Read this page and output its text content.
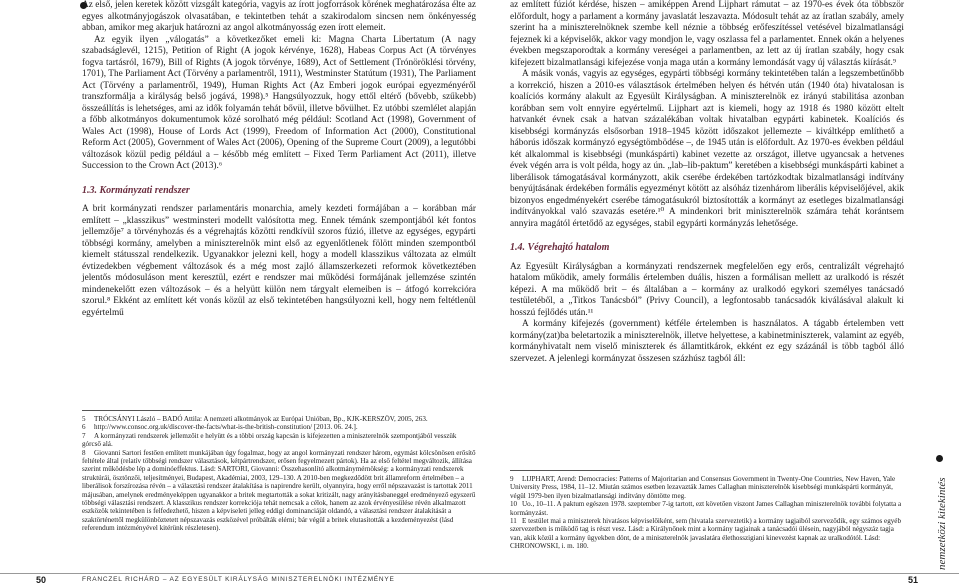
Az első, jelen keretek között vizsgált kategória, vagyis az írott jogforrások körének meghatározása élte az egyes alkotmányjogászok olvasatában, e tekintetben tehát a szakirodalom sincsen nem önkényesség abban, amikor meg akarjuk határozni az angol alkotmányosság ezen írott elemeit.

Az egyik ilyen „válogatás” a következőket emeli ki: Magna Charta Libertatum (A nagy szabadságlevél, 1215), Petition of Right (A jogok kérvénye, 1628), Habeas Corpus Act (A törvényes fogva tartásról, 1679), Bill of Rights (A jogok törvénye, 1689), Act of Settlement (Trónöröklési törvény, 1701), The Parliament Act (Törvény a parlamentről, 1911), Westminster Statútum (1931), The Parliament Act (Törvény a parlamentről, 1949), Human Rights Act (Az Emberi jogok európai egyezményéről transzformálja a királyság belső jogává, 1998).⁵ Hangsúlyozzuk, hogy ettől eltérő (bővebb, szűkebb) összeállítás is lehetséges, ami az idők folyamán tehát bővül, illetve bővülhet. Ez utóbbi szemlélet alapján a főbb alkotmányos dokumentumok közé sorolható még például: Scotland Act (1998), Government of Wales Act (1998), House of Lords Act (1999), Freedom of Information Act (2000), Constitutional Reform Act (2005), Government of Wales Act (2006), Opening of the Supreme Court (2009), a legutóbbi változások közül pedig például a – később még említett – Fixed Term Parliament Act (2011), illetve Succession to the Crown Act (2013).⁶

1.3. Kormányzati rendszer

A brit kormányzati rendszer parlamentáris monarchia, amely kezdeti formájában a – korábban már említett – „klasszikus” westminsteri modellt valósította meg. Ennek témánk szempontjából két fontos jellemzője⁷ a törvényhozás és a végrehajtás közötti rendkívül szoros fúzió, illetve az egységes, egypárti többségi kormány, amelyben a miniszterelnök mint első az egyenlőtlenek fölött minden szempontból kiemelt státusszal rendelkezik. Ugyanakkor jelezni kell, hogy a modell klasszikus változata az elmúlt évtizedekben végbement változások és a még most zajló államszerkezeti reformok következtében jelentős módosuláson ment keresztül, ezért e rendszer mai működési formájának jellemzése szintén mindenekelőtt ezen változások – és a helyütt külön nem tárgyalt elemeiben is – átfogó korrekcióra szorul.⁸ Ekként az említett két vonás közül az első tekintetében hangsúlyozni kell, hogy nem feltétlenül egyértelmű

5 TRÓCSÁNYI László – BADÓ Attila: A nemzeti alkotmányok az Európai Unióban, Bp., KJK-KERSZÖV, 2005, 263.

6 http://www.consoc.org.uk/discover-the-facts/what-is-the-british-constitution/ [2013. 06. 24.].

7 A kormányzati rendszerek jellemzőit e helyütt és a többi ország kapcsán is kifejezetten a miniszterelnök szempontjából vesszük górcső alá.

8 Giovanni Sartori festően említett munkájában úgy fogalmaz, hogy az angol kormányzati rendszer három, egymást kölcsönösen erősítő feltétele által (relatív többségi rendszer választások, kétpártrendszer, erősen fegyelmezett pártok). Ha az első feltétel megváltozik, állítása szerint működésbe lép a dominóeffektus. Lásd: SARTORI, Giovanni: Összehasonlító alkotmánymérnökség: a kormányzati rendszerek struktúrái, ösztönzői, teljesítményei, Budapest, Akadémiai, 2003, 129–130. A 2010-ben megkezdődött brit államreform értelmében – a liberálisok forszírozása révén – a választási rendszer átalakítása is napirendre került, olyannyira, hogy erről népszavazást is tartottak 2011 májusában, amelynek eredményeképpen ugyanakkor a britek megtartották a sokat kritizált, nagy arányításbaneggel eredményező egyszerű többségi választási rendszert. A klasszikus rendszer korrekciója tehát nemcsak a célok, hanem az azok érvényesülése révén alkalmazott eszközök tekintetében is felfedezhető, hiszen a képviseleti jelleg eddigi dominanciáját oldandó, a választási rendszer átalakítását a szaktörténettől megkülönböztetett népszavazás eszközével próbálták elérni; bár végül a britek elutasították a kezdeményezést (lásd referendum intézményével kitérünk részletesen).

az említett fúziót kérdése, hiszen – amiképpen Arend Lijphart rámutat – az 1970-es évek óta többször előfordult, hogy a parlament a kormány javaslatát leszavazta. Módosult tehát az az íratlan szabály, amely szerint ha a miniszterelnöknek szembe kell néznie a többség erőfeszítéssel vetésével bizalmatlansági fejeznek ki a képviselők, akkor vagy mondjon le, vagy oszlassa fel a parlamentet. Ennek okán a helyenes években megszaporodtak a kormány vereségei a parlamentben, az lett az új íratlan szabály, hogy csak kifejezett bizalmatlansági kifejezése vonja maga után a kormány lemondását vagy új választás kiírását.⁹

A másik vonás, vagyis az egységes, egypárti többségi kormány tekintetében talán a legszembetűnőbb a korrekció, hiszen a 2010-es választások értelmében helyen és hétvén után (1940 óta) hivatalosan is koalíciós kormány alakult az Egyesült Királyságban. A miniszterelnök ez irányú stabilitása azonban korábban sem volt ennyire egyértelmű. Lijphart azt is kiemeli, hogy az 1918 és 1980 között eltelt hatvankét évnek csak a hatvan százalékában voltak hivatalban egypárti kabinetek. Koalíciós és kisebbségi kormányzás elsősorban 1918–1945 között időszakot jellemezte – kiváltképp említhető a háborús időszak kormányzó egységtömbödése –, de 1945 után is előfordult. Az 1970-es években például két alkalommal is kisebbségi (munkáspárti) kabinet vezette az országot, illetve ugyancsak a hetvenes évek végén arra is volt példa, hogy az ún. „lab–lib-paktum” keretében a kisebbségi munkáspárti kabinet a liberálisok támogatásával kormányzott, akik cserébe érdekében tartózkodtak bizalmatlansági indítvány benyújtásának érdekében formális egyezményt kötött az alsóház tizenhárom liberális képviselőjével, akik bizonyos engedményekért cserébe támogatásukról biztosították a kormányt az esetleges bizalmatlansági indítványokkal való szavazás esetére.¹⁰ A mindenkori brit miniszterelnök számára tehát korántsem annyira magától értetődő az egységes, stabil egypárti kormányzás lehetősége.

1.4. Végrehajtó hatalom

Az Egyesült Királyságban a kormányzati rendszernek megfelelően egy erős, centralizált végrehajtó hatalom működik, amely formális értelemben duális, hiszen a formálisan mellett az uralkodó is részét képezi. A ma működő brit – és általában a – kormány az uralkodó egykori személyes tanácsadó testületéből, a „Titkos Tanácsból” (Privy Council), a legfontosabb tanácsadók kiválásával alakult ki hosszú fejlődés után.¹¹

A kormány kifejezés (government) kétféle értelemben is használatos. A tágabb értelemben vett kormány(zat)ba beletartozik a miniszterelnök, illetve helyettese, a kabinetminiszterek, valamint az egyéb, kormányhivatalt nem viselő miniszterek és államtitkárok, ekként ez egy százánál is több tagból álló szervezet. A jelenlegi kormányzat összesen százhúsz tagból áll:

9 LIJPHART, Arend: Democracies: Patterns of Majoritarian and Consensus Government in Twenty-One Countries, New Haven, Yale University Press, 1984, 11–12. Miután számos esetben lezavazták James Callaghan miniszterelnök kisebbségi munkáspárti kormányát, végül 1979-ben ilyen bizalmatlansági indítvány döntötte meg.

10 Uo., 10–11. A paktum egészen 1978. szeptember 7-ig tartott, ezt követően viszont James Callaghan miniszterelnök további folytatta a kormányzást.

11 E testület mai a miniszterek hivatásos képviselőiként, sem (hivatala szerveztetik) a kormány tagjaiból szerveződik, egy számos egyéb szervezetben is működő tag is részt vesz. Lásd: a Királynőnek mint a kormány tagjainak a tanácsadói ülésein, nagyjából négyszáz tagja van, akik közül a kormány ügyekben dönt, de a miniszterelnök javaslatára élethosszigiani kinevezést kapnak az uralkodótól. Lásd: CHRONOWSKI, i. m. 180.	nemzetközi kitekintés
50	FRANCZEL RICHÁRD – AZ EGYESÜLT KIRÁLYSÁG MINISZTERELNÖKI INTÉZMÉNYE	51
